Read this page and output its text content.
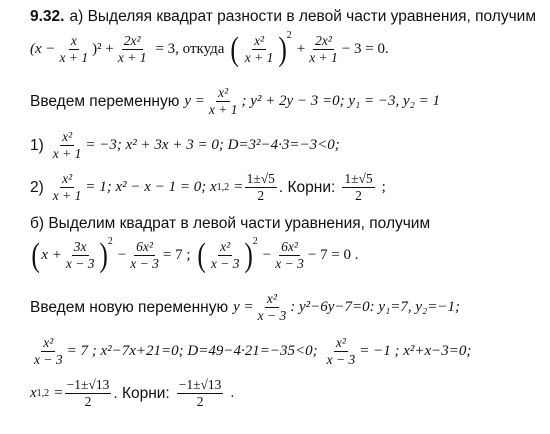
9.32. а) Выделяя квадрат разности в левой части уравнения, получим
$(x - \frac{x}{x + 1} )^2 + \frac{\text{2x²}}{x + 1} = 3$, откуда ( $\frac{\text{x²}}{x + 1}$ ) 2
+ $\frac{\text{2x²}}{x + 1} - 3 = 0$.
Введем переменную $y = \frac{\text{x²}}{x + 1}$ ; y² + 2y − 3 =0; y₁ = −3, y₂ = 1
$1) \frac{\text{x²}}{x + 1} = -3$; x² + 3x + 3 = 0; D=3²−4·3=−3<0;
$2) \frac{\text{x²}}{x + 1} = 1$; x² − x − 1 = 0; x $1,2 = \frac{1\pm√5}{2}$ . Корни: $\frac{1\pm√5}{2}$ ;
б) Выделим квадрат в левой части уравнения, получим
( $x + \frac{3x}{x - 3}$ ) 2
− $\frac{\text{6x²}}{x - 3} = 7$ ; ( $\frac{\text{x²}}{x - 3}$ ) 2
− $\frac{\text{6x²}}{x - 3} - 7 = 0$ .
Введем новую переменную $y = \frac{\text{x²}}{x - 3}$ : y²−6y−7=0: y₁=7, y₂=−1;
$\frac{\text{x²}}{x - 3} = 7$ ; x²−7x+21=0; D=49−4·21=−35<0; $\frac{\text{x²}}{x - 3} = -1$ ; x²+x−3=0;
x $1,2 = \frac{-1\pm√13}{2}$ . Корни: $\frac{-1\pm√13}{2}$ .
